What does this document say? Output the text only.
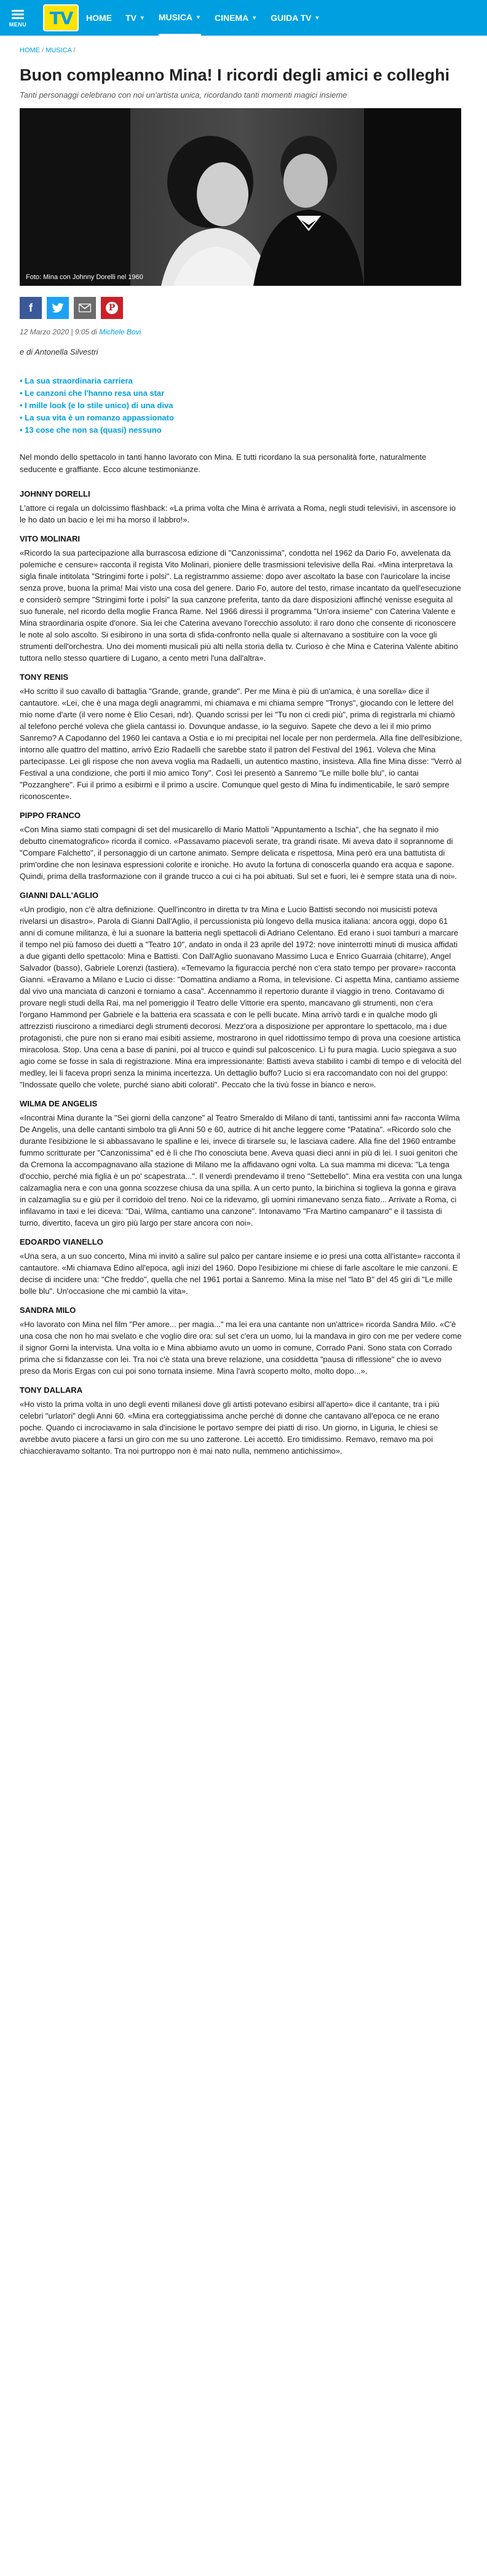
MENU TV HOME TV ▼ MUSICA ▼ CINEMA ▼ GUIDA TV ▼
HOME / MUSICA /
Buon compleanno Mina! I ricordi degli amici e colleghi
Tanti personaggi celebrano con noi un'artista unica, ricordando tanti momenti magici insieme
Foto: Mina con Johnny Dorelli nel 1960
f	P
12 Marzo 2020 | 9:05 di Michele Bovi
e di Antonella Silvestri
• La sua straordinaria carriera
• Le canzoni che l'hanno resa una star
• I mille look (e lo stile unico) di una diva
• La sua vita è un romanzo appassionato
• 13 cose che non sa (quasi) nessuno

Nel mondo dello spettacolo in tanti hanno lavorato con Mina. E tutti ricordano la sua personalità forte, naturalmente seducente e graffiante. Ecco alcune testimonianze.

JOHNNY DORELLI

L'attore ci regala un dolcissimo flashback: «La prima volta che Mina è arrivata a Roma, negli studi televisivi, in ascensore io le ho dato un bacio e lei mi ha morso il labbro!».

VITO MOLINARI

«Ricordo la sua partecipazione alla burrascosa edizione di "Canzonissima", condotta nel 1962 da Dario Fo, avvelenata da polemiche e censure» racconta il regista Vito Molinari, pioniere delle trasmissioni televisive della Rai. «Mina interpretava la sigla finale intitolata "Stringimi forte i polsi". La registrammo assieme: dopo aver ascoltato la base con l'auricolare la incise senza prove, buona la prima! Mai visto una cosa del genere. Dario Fo, autore del testo, rimase incantato da quell'esecuzione e considerò sempre "Stringimi forte i polsi" la sua canzone preferita, tanto da dare disposizioni affinché venisse eseguita al suo funerale, nel ricordo della moglie Franca Rame. Nel 1966 diressi il programma "Un'ora insieme" con Caterina Valente e Mina straordinaria ospite d'onore. Sia lei che Caterina avevano l'orecchio assoluto: il raro dono che consente di riconoscere le note al solo ascolto. Si esibirono in una sorta di sfida-confronto nella quale si alternavano a sostituire con la voce gli strumenti dell'orchestra. Uno dei momenti musicali più alti nella storia della tv. Curioso è che Mina e Caterina Valente abitino tuttora nello stesso quartiere di Lugano, a cento metri l'una dall'altra».

TONY RENIS

«Ho scritto il suo cavallo di battaglia "Grande, grande, grande". Per me Mina è più di un'amica, è una sorella» dice il cantautore. «Lei, che è una maga degli anagrammi, mi chiamava e mi chiama sempre "Tronys", giocando con le lettere del mio nome d'arte (il vero nome è Elio Cesari, ndr). Quando scrissi per lei "Tu non ci credi più", prima di registrarla mi chiamò al telefono perché voleva che gliela cantassi io. Dovunque andasse, io la seguivo. Sapete che devo a lei il mio primo Sanremo? A Capodanno del 1960 lei cantava a Ostia e io mi precipitai nel locale per non perdermela. Alla fine dell'esibizione, intorno alle quattro del mattino, arrivò Ezio Radaelli che sarebbe stato il patron del Festival del 1961. Voleva che Mina partecipasse. Lei gli rispose che non aveva voglia ma Radaelli, un autentico mastino, insisteva. Alla fine Mina disse: "Verrò al Festival a una condizione, che porti il mio amico Tony". Così lei presentò a Sanremo "Le mille bolle blu", io cantai "Pozzanghere". Fui il primo a esibirmi e il primo a uscire. Comunque quel gesto di Mina fu indimenticabile, le sarò sempre riconoscente».

PIPPO FRANCO

«Con Mina siamo stati compagni di set del musicarello di Mario Mattoli "Appuntamento a Ischia", che ha segnato il mio debutto cinematografico» ricorda il comico. «Passavamo piacevoli serate, tra grandi risate. Mi aveva dato il soprannome di "Compare Falchetto", il personaggio di un cartone animato. Sempre delicata e rispettosa, Mina però era una battutista di prim'ordine che non lesinava espressioni colorite e ironiche. Ho avuto la fortuna di conoscerla quando era acqua e sapone. Quindi, prima della trasformazione con il grande trucco a cui ci ha poi abituati. Sul set e fuori, lei è sempre stata una di noi».

GIANNI DALL'AGLIO

«Un prodigio, non c'è altra definizione. Quell'incontro in diretta tv tra Mina e Lucio Battisti secondo noi musicisti poteva rivelarsi un disastro». Parola di Gianni Dall'Aglio, il percussionista più longevo della musica italiana: ancora oggi, dopo 61 anni di comune militanza, è lui a suonare la batteria negli spettacoli di Adriano Celentano. Ed erano i suoi tamburi a marcare il tempo nel più famoso dei duetti a "Teatro 10", andato in onda il 23 aprile del 1972: nove ininterrotti minuti di musica affidati a due giganti dello spettacolo: Mina e Battisti. Con Dall'Aglio suonavano Massimo Luca e Enrico Guarraia (chitarre), Angel Salvador (basso), Gabriele Lorenzi (tastiera). «Temevamo la figuraccia perché non c'era stato tempo per provare» racconta Gianni. «Eravamo a Milano e Lucio ci disse: "Domattina andiamo a Roma, in televisione. Ci aspetta Mina, cantiamo assieme dal vivo una manciata di canzoni e torniamo a casa". Accennammo il repertorio durante il viaggio in treno. Contavamo di provare negli studi della Rai, ma nel pomeriggio il Teatro delle Vittorie era spento, mancavano gli strumenti, non c'era l'organo Hammond per Gabriele e la batteria era scassata e con le pelli bucate. Mina arrivò tardi e in qualche modo gli attrezzisti riuscirono a rimediarci degli strumenti decorosi. Mezz'ora a disposizione per approntare lo spettacolo, ma i due protagonisti, che pure non si erano mai esibiti assieme, mostrarono in quel ridottissimo tempo di prova una coesione artistica miracolosa. Stop. Una cena a base di panini, poi al trucco e quindi sul palcoscenico. Lì fu pura magia. Lucio spiegava a suo agio come se fosse in sala di registrazione. Mina era impressionante: Battisti aveva stabilito i cambi di tempo e di velocità del medley, lei li faceva propri senza la minima incertezza. Un dettaglio buffo? Lucio si era raccomandato con noi del gruppo: "Indossate quello che volete, purché siano abiti colorati". Peccato che la tivù fosse in bianco e nero».

WILMA DE ANGELIS

«Incontrai Mina durante la "Sei giorni della canzone" al Teatro Smeraldo di Milano di tanti, tantissimi anni fa» racconta Wilma De Angelis, una delle cantanti simbolo tra gli Anni 50 e 60, autrice di hit anche leggere come "Patatina". «Ricordo solo che durante l'esibizione le si abbassavano le spalline e lei, invece di tirarsele su, le lasciava cadere. Alla fine del 1960 entrambe fummo scritturate per "Canzonissima" ed è lì che l'ho conosciuta bene. Aveva quasi dieci anni in più di lei. I suoi genitori che da Cremona la accompagnavano alla stazione di Milano me la affidavano ogni volta. La sua mamma mi diceva: "La tenga d'occhio, perché mia figlia è un po' scapestrata...". Il venerdì prendevamo il treno "Settebello". Mina era vestita con una lunga calzamaglia nera e con una gonna scozzese chiusa da una spilla. A un certo punto, la birichina si toglieva la gonna e girava in calzamaglia su e giù per il corridoio del treno. Noi ce la ridevamo, gli uomini rimanevano senza fiato... Arrivate a Roma, ci infilavamo in taxi e lei diceva: "Dai, Wilma, cantiamo una canzone". Intonavamo "Fra Martino campanaro" e il tassista di turno, divertito, faceva un giro più largo per stare ancora con noi».

EDOARDO VIANELLO

«Una sera, a un suo concerto, Mina mi invitò a salire sul palco per cantare insieme e io presi una cotta all'istante» racconta il cantautore. «Mi chiamava Edino all'epoca, agli inizi del 1960. Dopo l'esibizione mi chiese di farle ascoltare le mie canzoni. E decise di incidere una: "Che freddo", quella che nel 1961 portai a Sanremo. Mina la mise nel "lato B" del 45 giri di "Le mille bolle blu". Un'occasione che mi cambiò la vita».

SANDRA MILO

«Ho lavorato con Mina nel film "Per amore... per magia..." ma lei era una cantante non un'attrice» ricorda Sandra Milo. «C'è una cosa che non ho mai svelato e che voglio dire ora: sul set c'era un uomo, lui la mandava in giro con me per vedere come il signor Gorni la intervista. Una volta io e Mina abbiamo avuto un uomo in comune, Corrado Pani. Sono stata con Corrado prima che si fidanzasse con lei. Tra noi c'è stata una breve relazione, una cosiddetta "pausa di riflessione" che io avevo preso da Moris Ergas con cui poi sono tornata insieme. Mina l'avrà scoperto molto, molto dopo...».

TONY DALLARA

«Ho visto la prima volta in uno degli eventi milanesi dove gli artisti potevano esibirsi all'aperto» dice il cantante, tra i più celebri "urlatori" degli Anni 60. «Mina era corteggiatissima anche perché di donne che cantavano all'epoca ce ne erano poche. Quando ci incrociavamo in sala d'incisione le portavo sempre dei piatti di riso. Un giorno, in Liguria, le chiesi se avrebbe avuto piacere a farsi un giro con me su uno zatterone. Lei accettò. Ero timidissimo. Remavo, remavo ma poi chiacchieravamo soltanto. Tra noi purtroppo non è mai nato nulla, nemmeno antichissimo».
